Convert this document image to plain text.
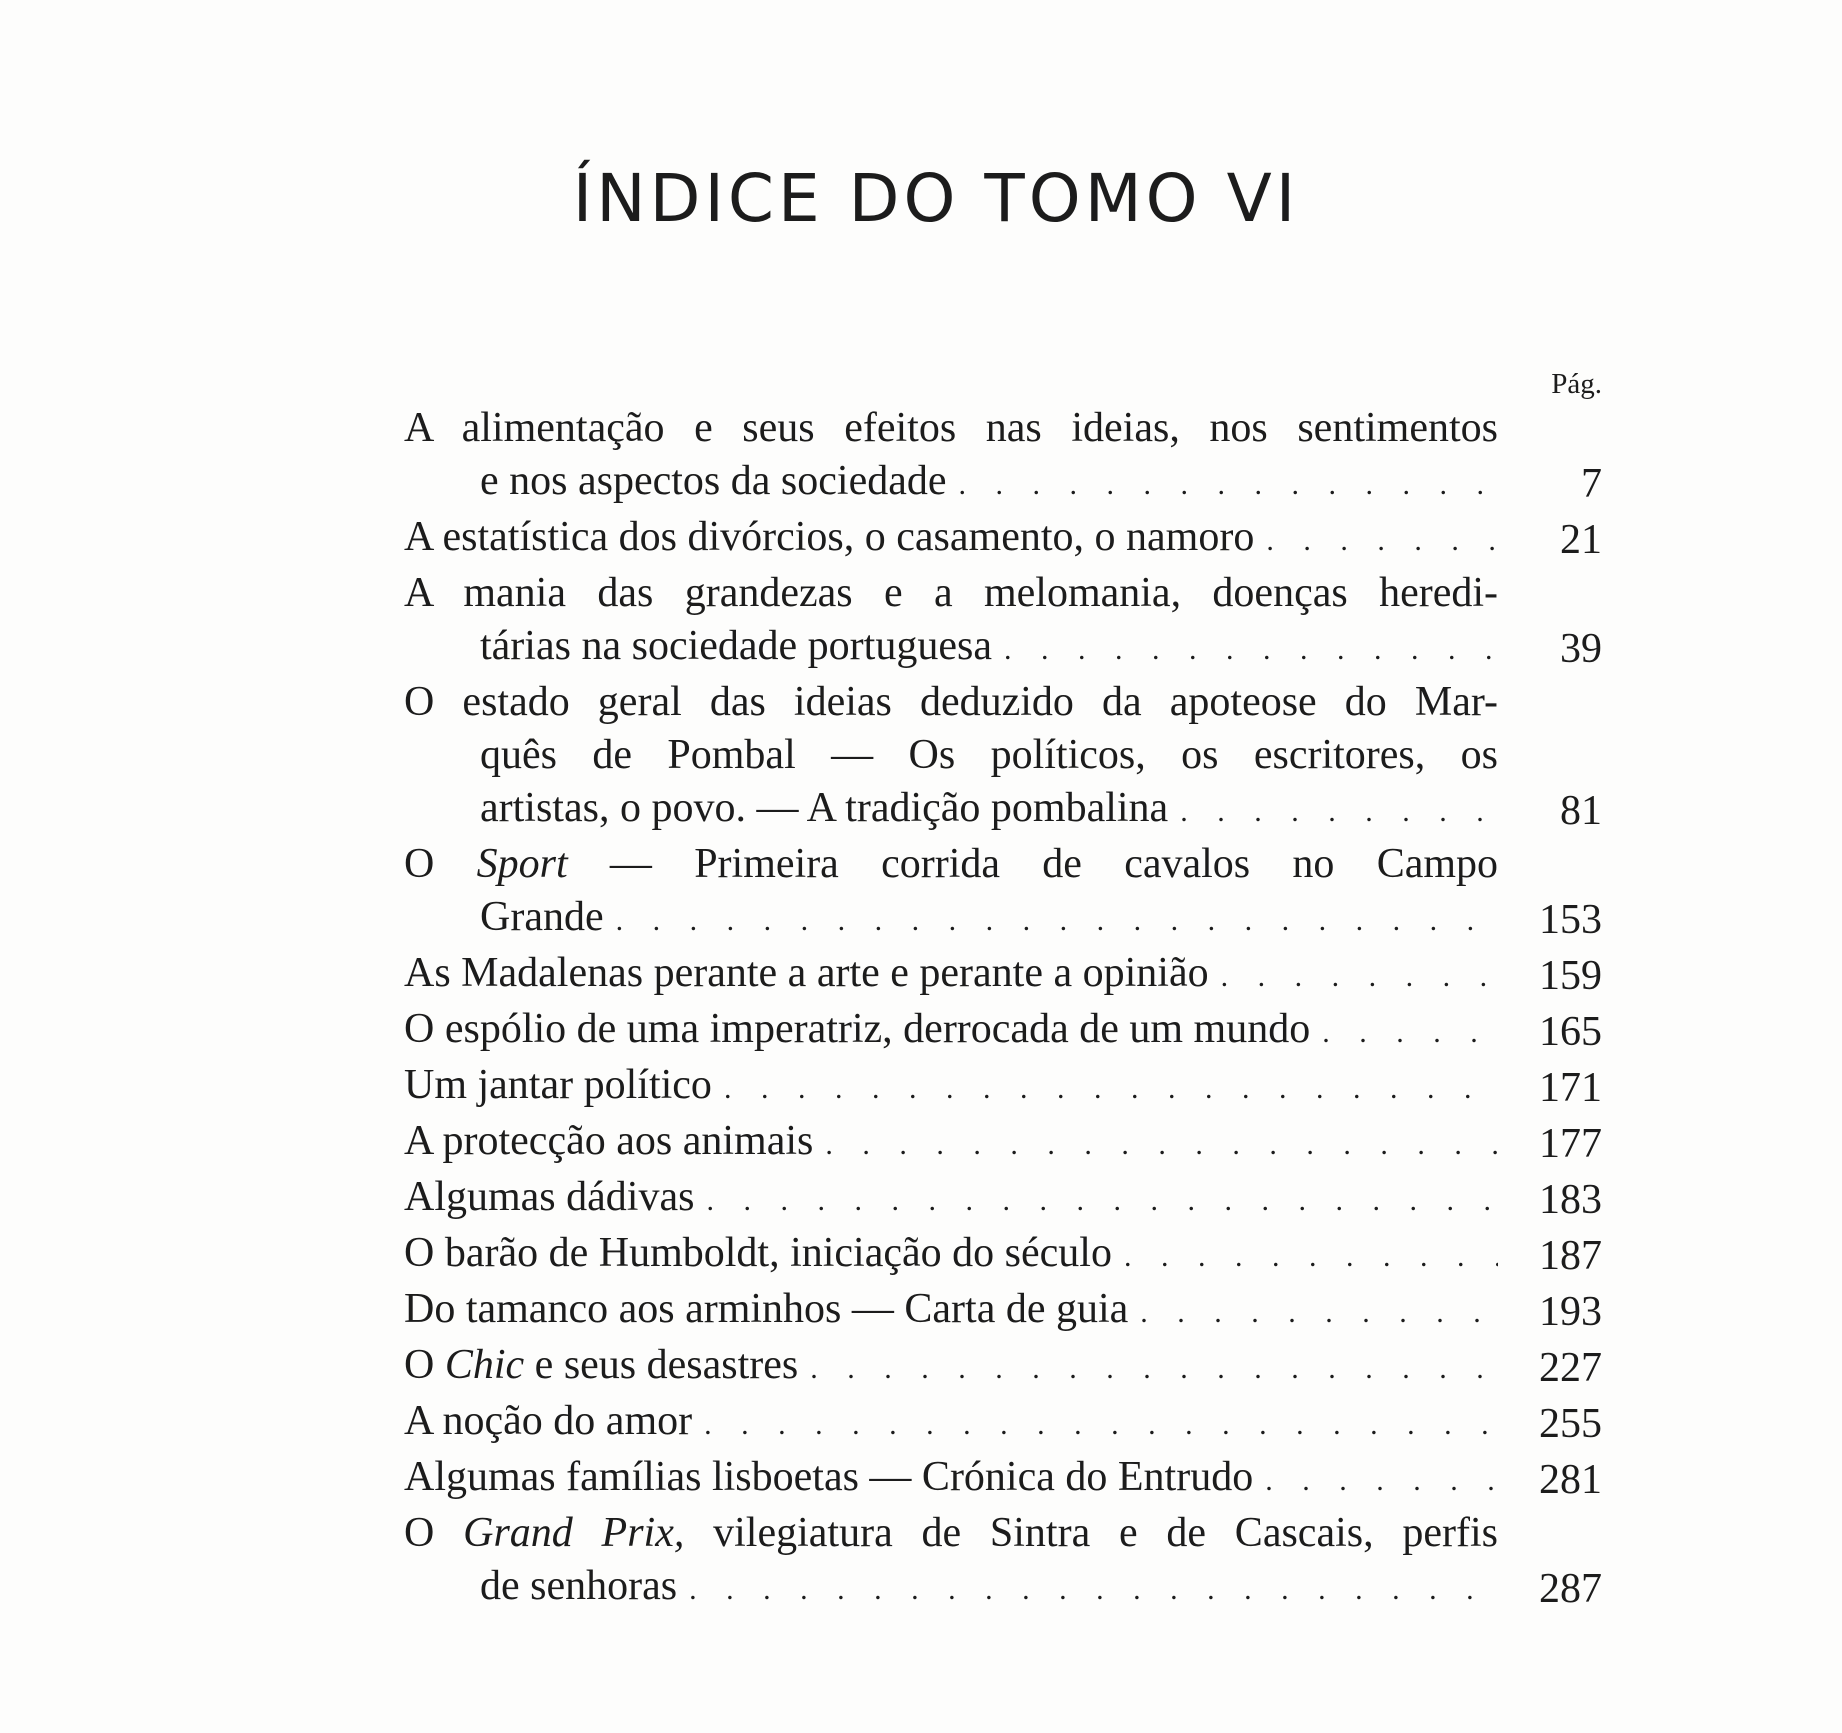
ÍNDICE DO TOMO VI
Pág.
A alimentação e seus efeitos nas ideias, nos sentimentos
e nos aspectos da sociedade . . .	7
A estatística dos divórcios, o casamento, o namoro . . .	21
A mania das grandezas e a melomania, doenças heredi-
tárias na sociedade portuguesa . . .	39
O estado geral das ideias deduzido da apoteose do Mar-
quês de Pombal — Os políticos, os escritores, os
artistas, o povo. — A tradição pombalina . . .	81
O Sport — Primeira corrida de cavalos no Campo
Grande . . .	153
As Madalenas perante a arte e perante a opinião . . .	159
O espólio de uma imperatriz, derrocada de um mundo . . .	165
Um jantar político . . .	171
A protecção aos animais . . .	177
Algumas dádivas . . .	183
O barão de Humboldt, iniciação do século . . .	187
Do tamanco aos arminhos — Carta de guia . . .	193
O Chic e seus desastres . . .	227
A noção do amor . . .	255
Algumas famílias lisboetas — Crónica do Entrudo . . .	281
O Grand Prix, vilegiatura de Sintra e de Cascais, perfis
de senhoras . . .	287
